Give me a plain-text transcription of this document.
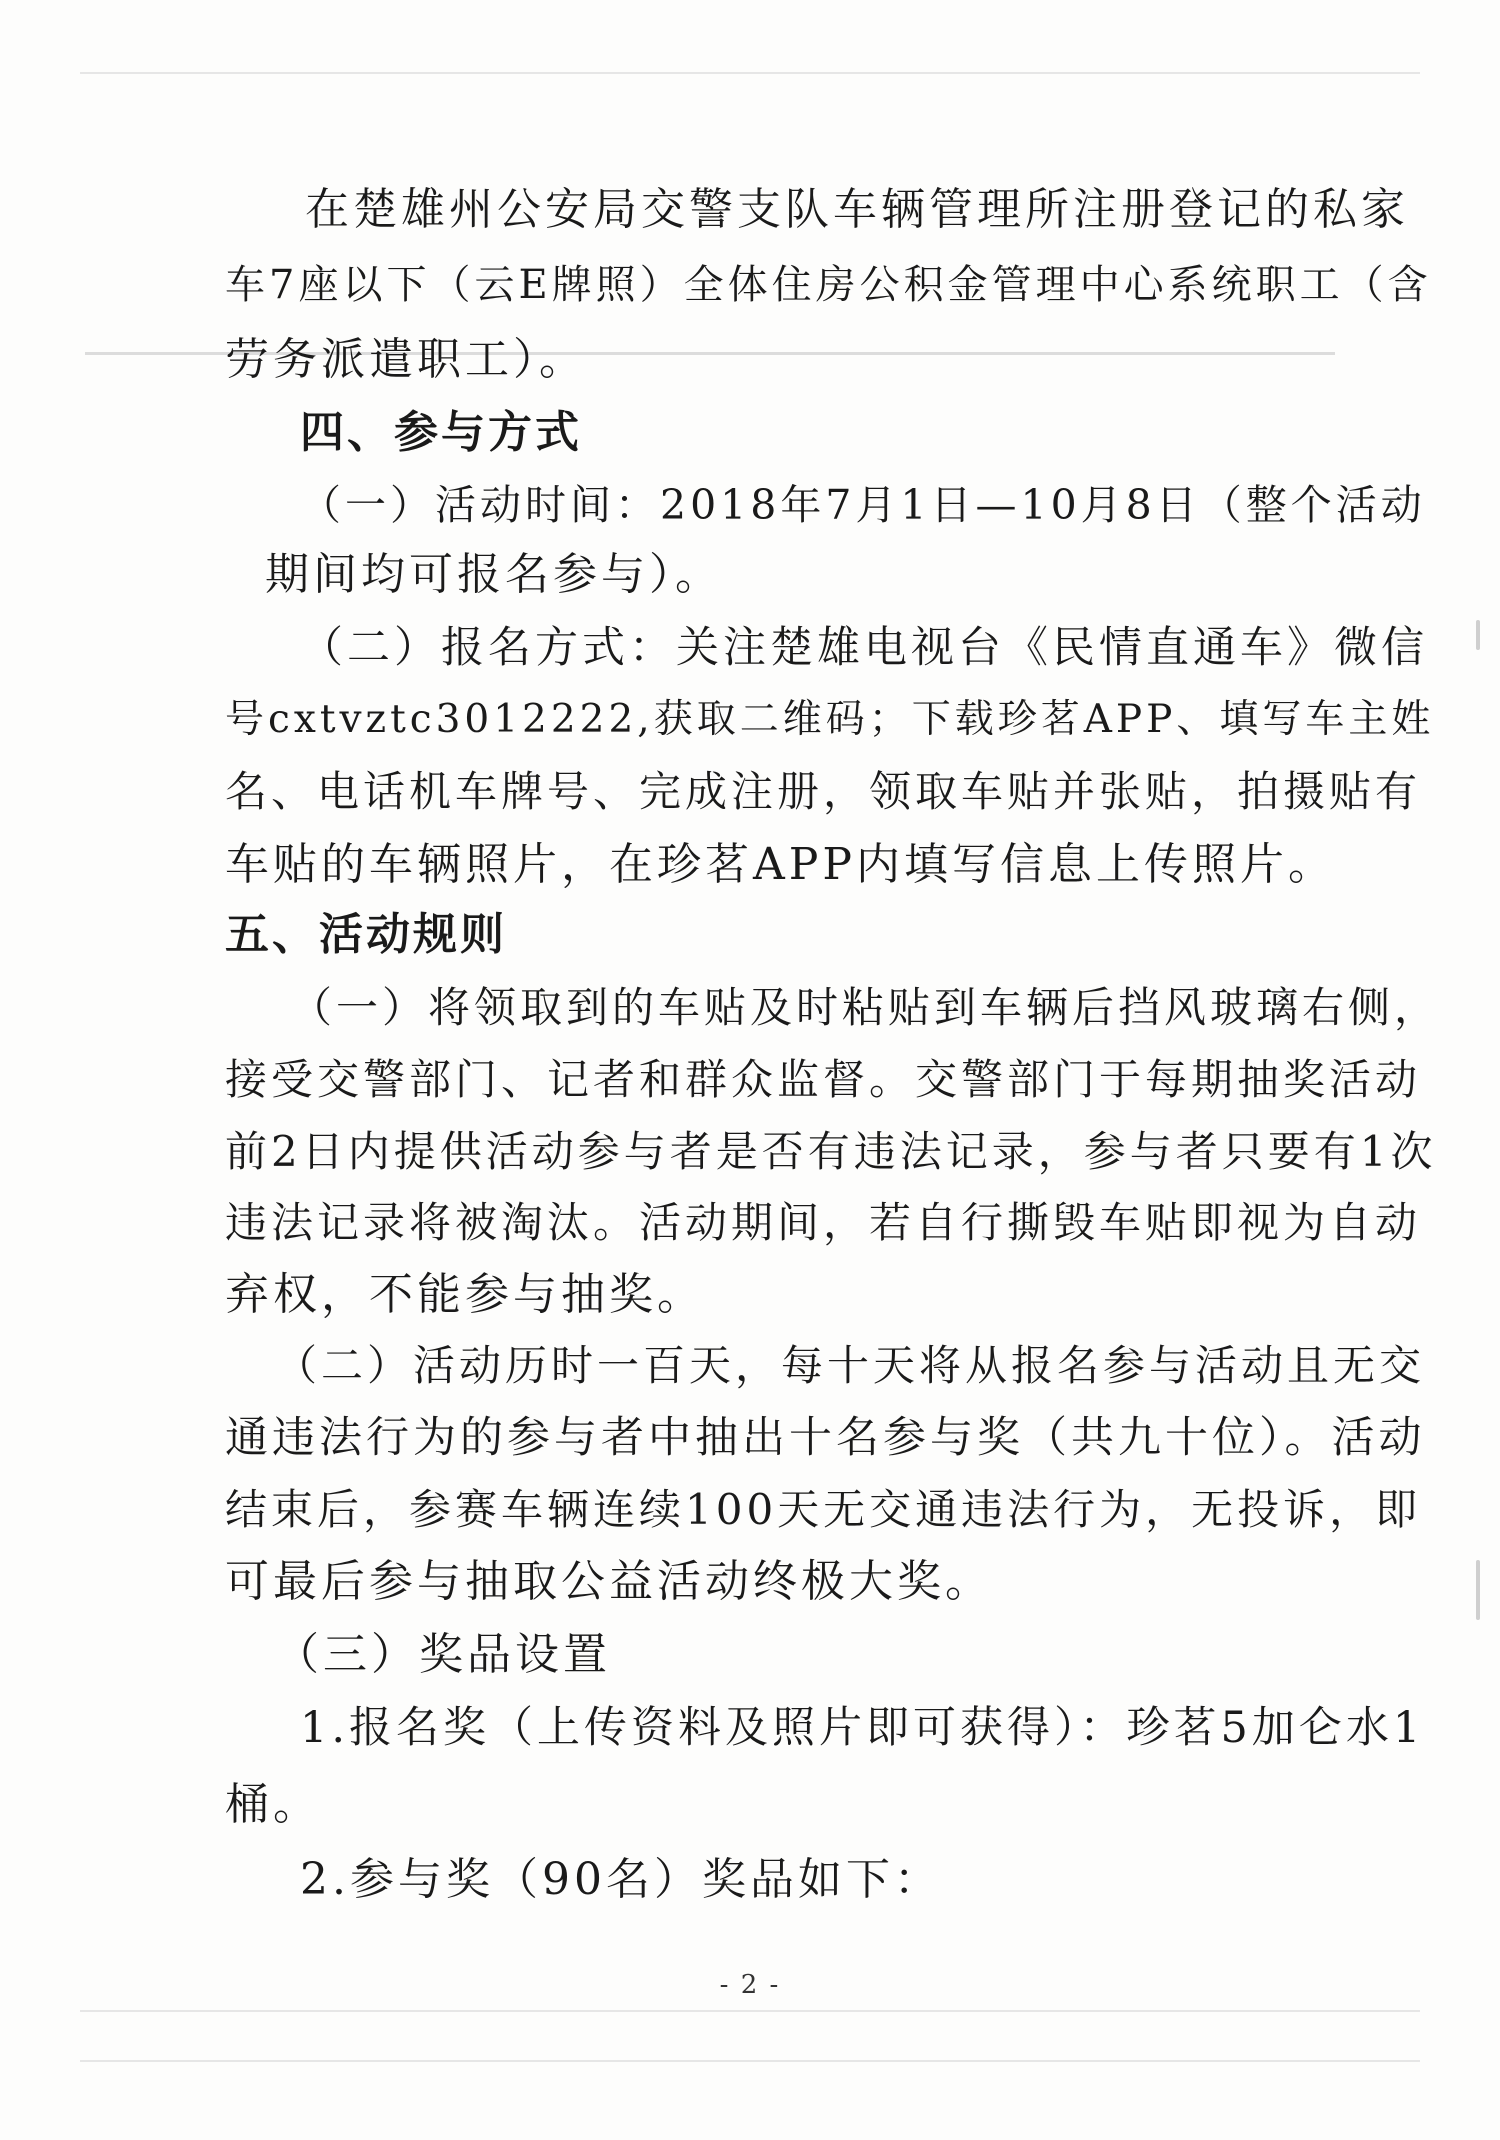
在楚雄州公安局交警支队车辆管理所注册登记的私家
车7座以下（云E牌照）全体住房公积金管理中心系统职工（含
劳务派遣职工）。
四、参与方式
（一）活动时间：2018年7月1日—10月8日（整个活动
期间均可报名参与）。
（二）报名方式：关注楚雄电视台《民情直通车》微信
号cxtvztc3012222,获取二维码；下载珍茗APP、填写车主姓
名、电话机车牌号、完成注册，领取车贴并张贴，拍摄贴有
车贴的车辆照片，在珍茗APP内填写信息上传照片。
五、活动规则
（一）将领取到的车贴及时粘贴到车辆后挡风玻璃右侧，
接受交警部门、记者和群众监督。交警部门于每期抽奖活动
前2日内提供活动参与者是否有违法记录，参与者只要有1次
违法记录将被淘汰。活动期间，若自行撕毁车贴即视为自动
弃权，不能参与抽奖。
（二）活动历时一百天，每十天将从报名参与活动且无交
通违法行为的参与者中抽出十名参与奖（共九十位）。活动
结束后，参赛车辆连续100天无交通违法行为，无投诉，即
可最后参与抽取公益活动终极大奖。
（三）奖品设置
1.报名奖（上传资料及照片即可获得）：珍茗5加仑水1
桶。
2.参与奖（90名）奖品如下：
- 2 -
